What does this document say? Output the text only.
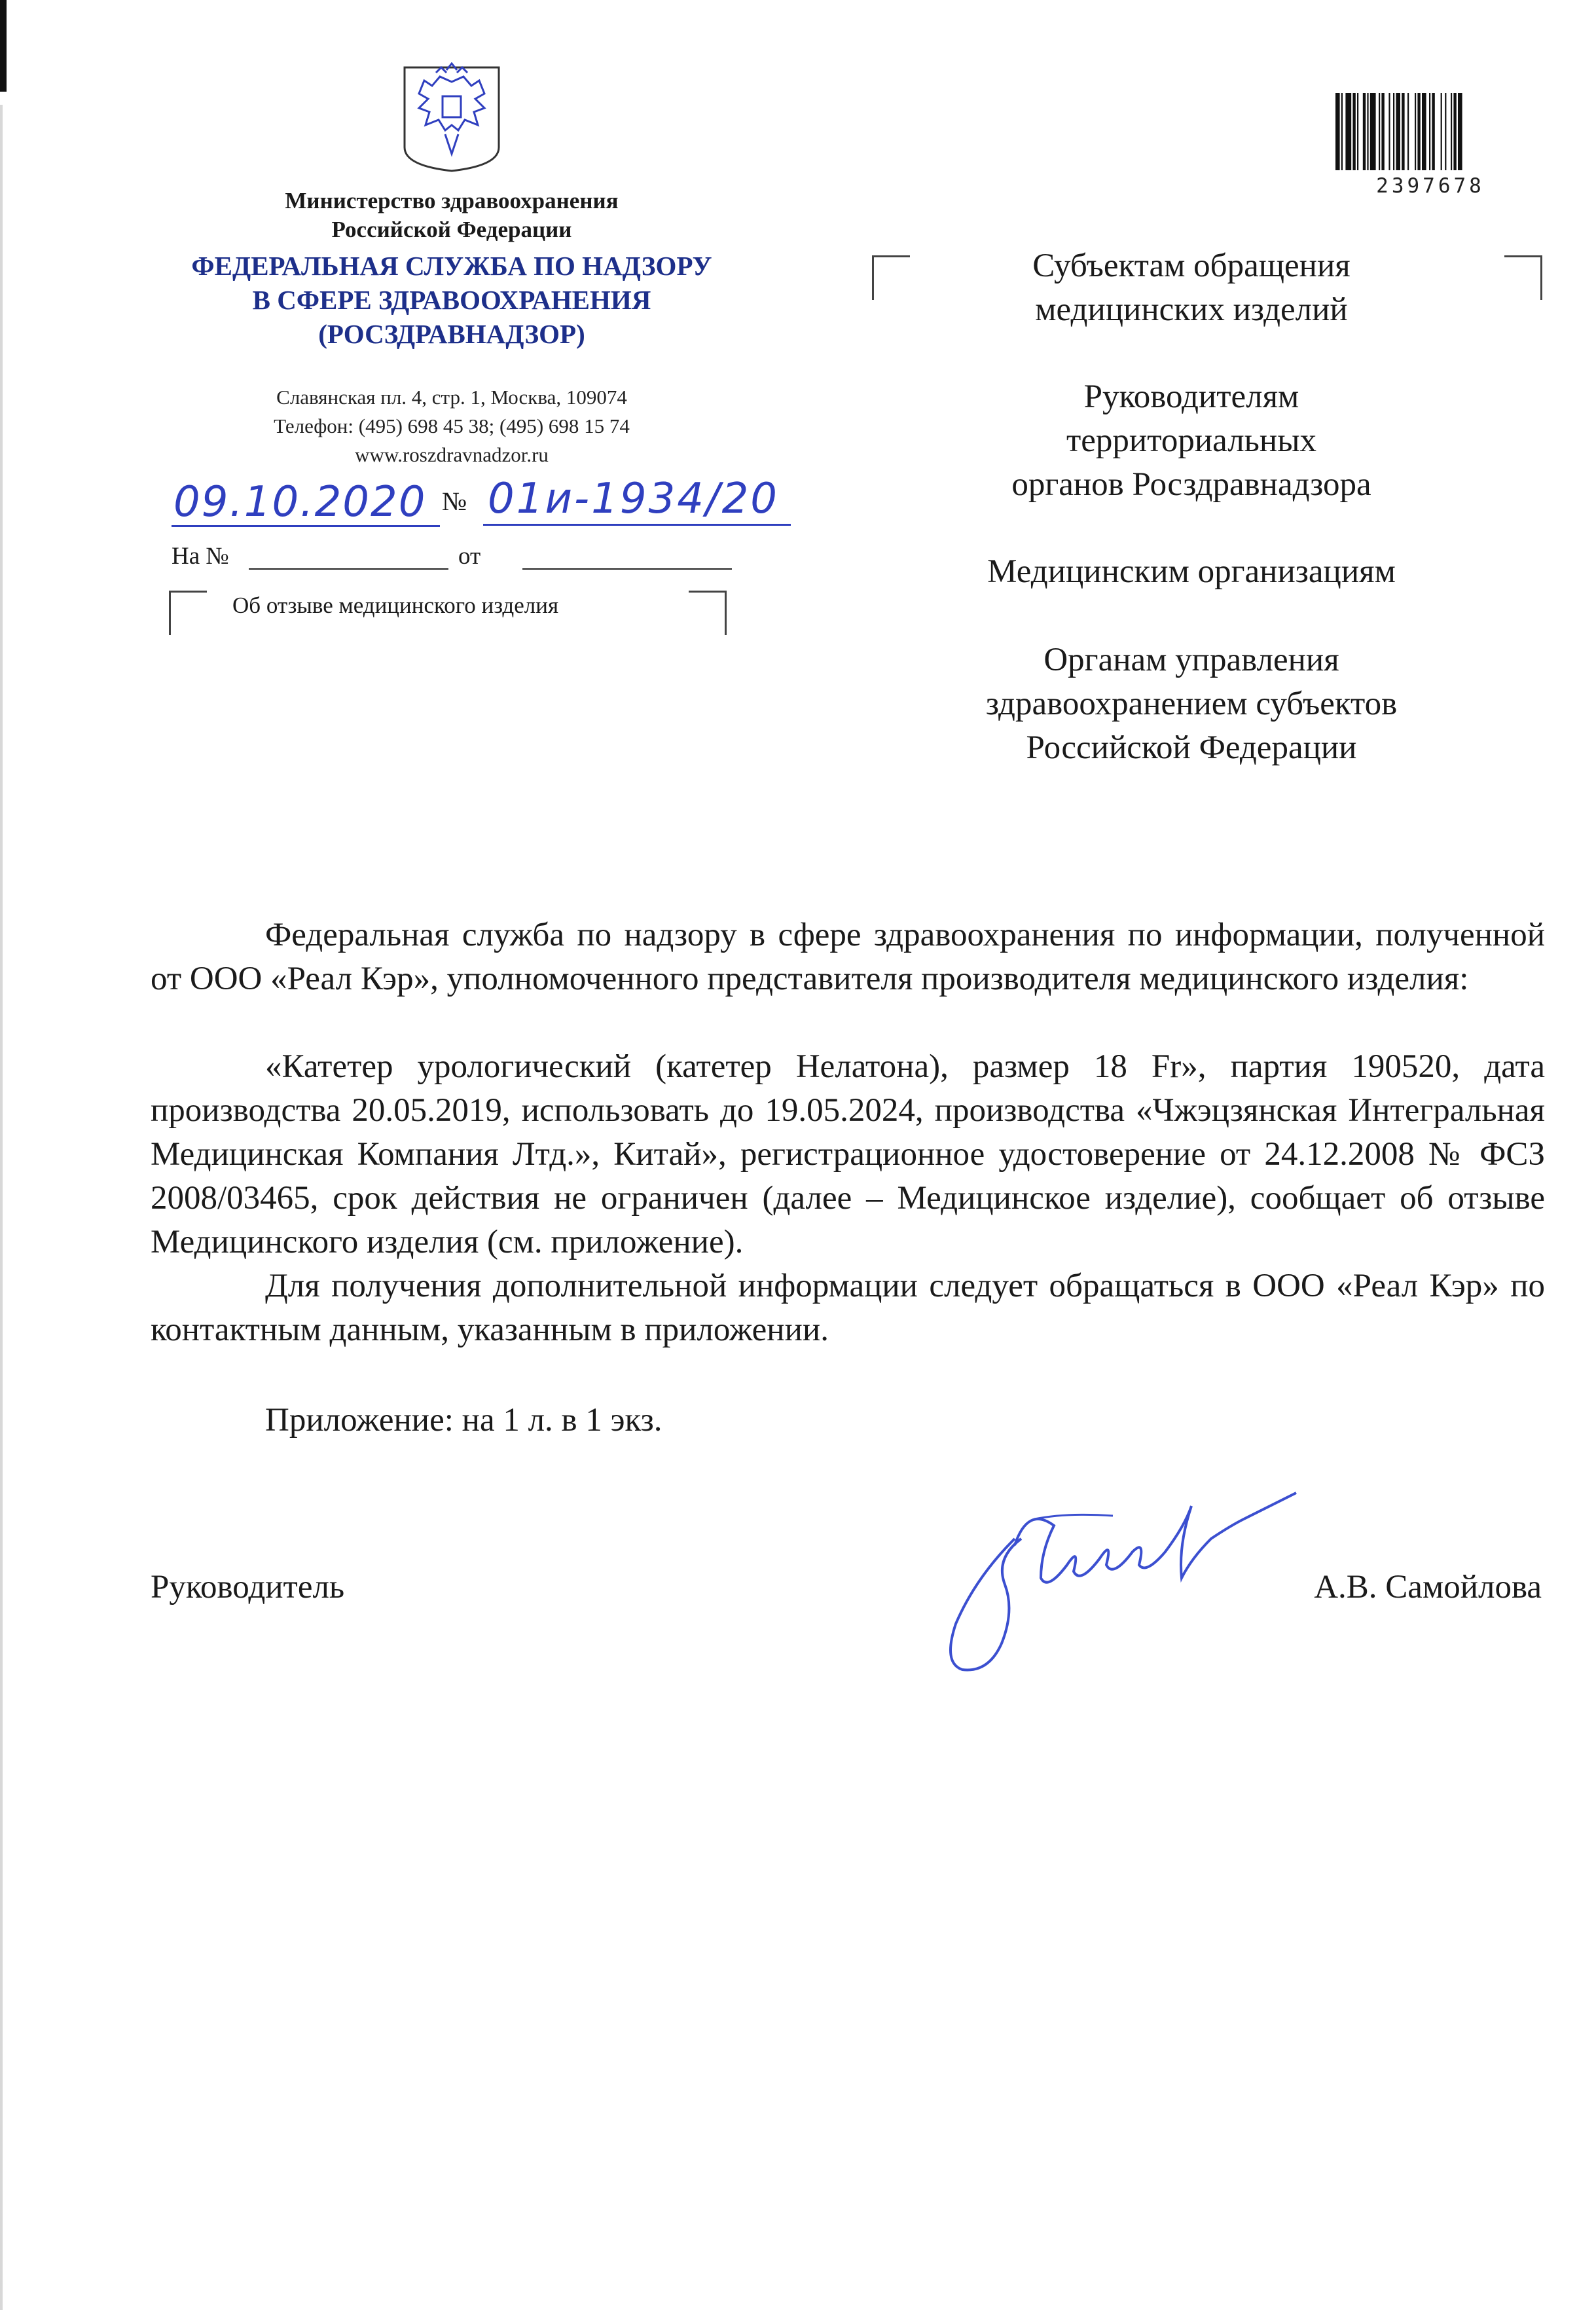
Министерство здравоохранения
Российской Федерации
ФЕДЕРАЛЬНАЯ СЛУЖБА ПО НАДЗОРУ
В СФЕРЕ ЗДРАВООХРАНЕНИЯ
(РОСЗДРАВНАДЗОР)
Славянская пл. 4, стр. 1, Москва, 109074
Телефон: (495) 698 45 38; (495) 698 15 74
www.roszdravnadzor.ru
09.10.2020 № 01и-1934/20
На №	от
Об отзыве медицинского изделия
2397678
Субъектам обращения
медицинских изделий
Руководителям
территориальных
органов Росздравнадзора
Медицинским организациям
Органам управления
здравоохранением субъектов
Российской Федерации
Федеральная служба по надзору в сфере здравоохранения по информации, полученной от ООО «Реал Кэр», уполномоченного представителя производителя медицинского изделия:
«Катетер урологический (катетер Нелатона), размер 18 Fr», партия 190520, дата производства 20.05.2019, использовать до 19.05.2024, производства «Чжэцзянская Интегральная Медицинская Компания Лтд.», Китай», регистрационное удостоверение от 24.12.2008 № ФСЗ 2008/03465, срок действия не ограничен (далее – Медицинское изделие), сообщает об отзыве Медицинского изделия (см. приложение).
Для получения дополнительной информации следует обращаться в ООО «Реал Кэр» по контактным данным, указанным в приложении.
Приложение: на 1 л. в 1 экз.
Руководитель	А.В. Самойлова
